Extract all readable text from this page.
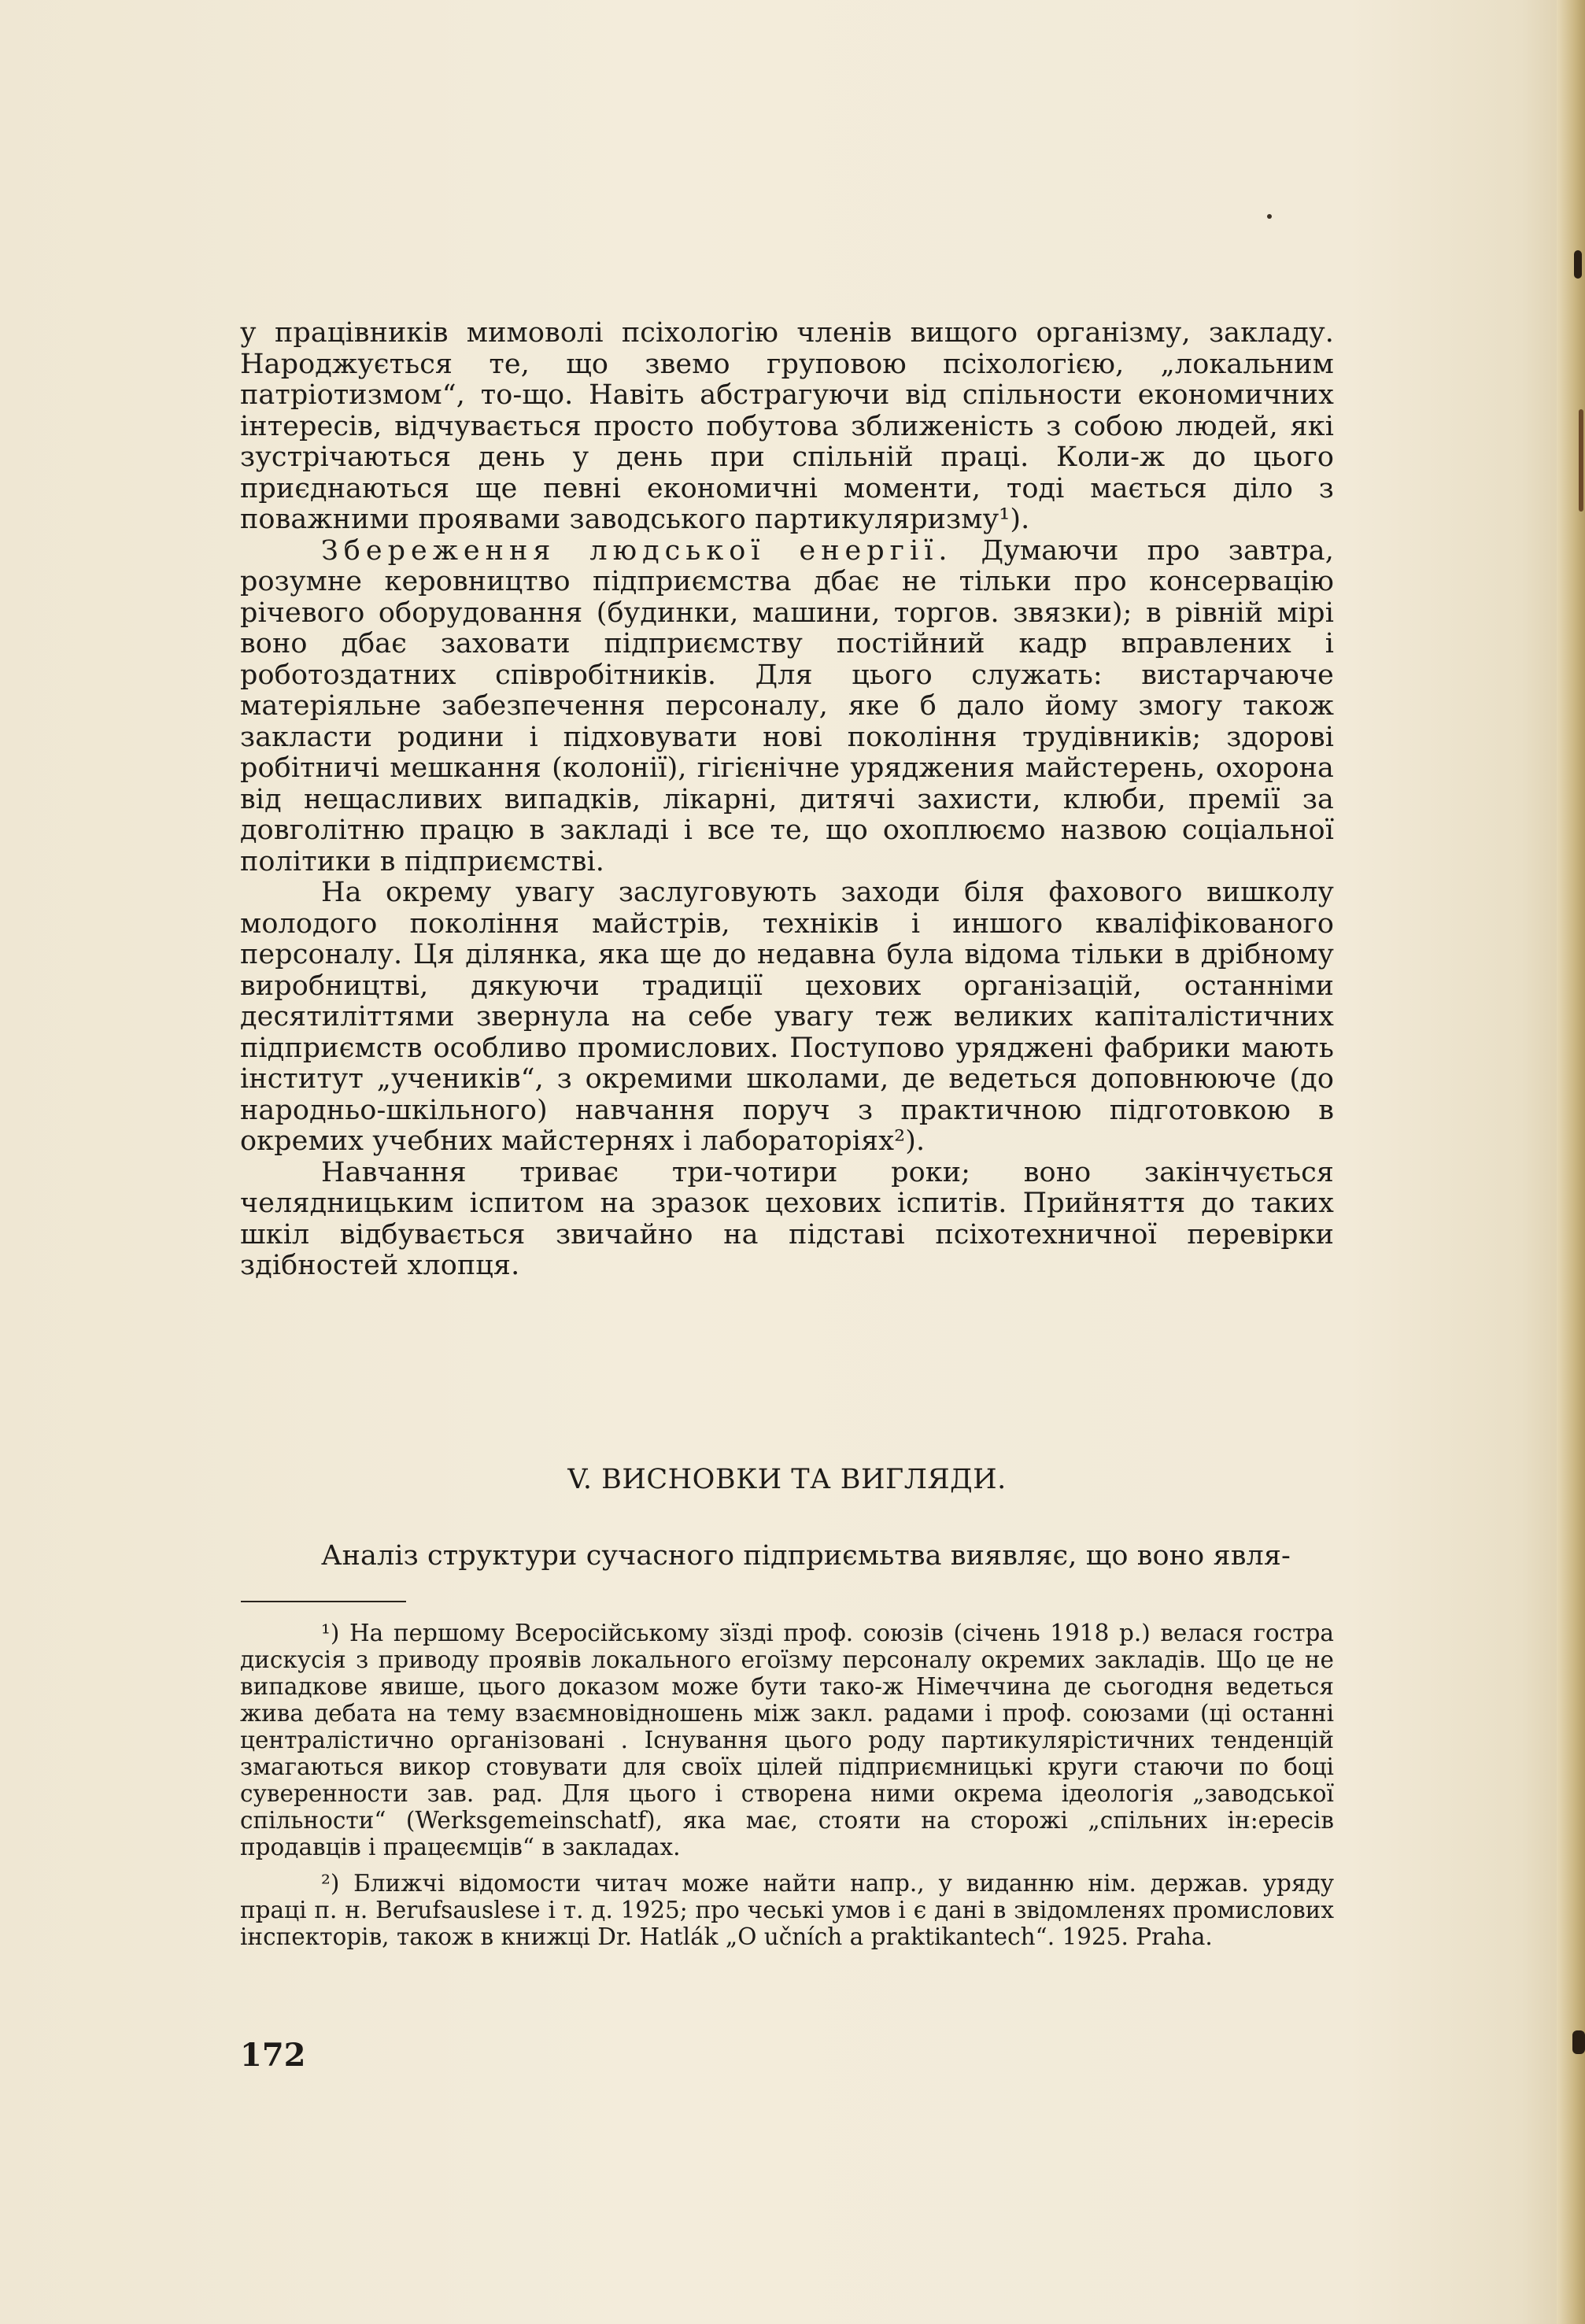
у працівників мимоволі псіхологію членів вищого організму, закладу. Народжується те, що звемо груповою псіхологією, „локальним патріотизмом“, то-що. Навіть абстрагуючи від спільности економичних інтересів, відчувається просто побутова зближеність з собою людей, які зустрічаються день у день при спільній праці. Коли-ж до цього приєднаються ще певні економичні моменти, тоді мається діло з поважними проявами заводського партикуляризму¹).

Збереження людської енергії. Думаючи про завтра, розумне керовництво підприємства дбає не тільки про консервацію річевого оборудовання (будинки, машини, торгов. звязки); в рівній мірі воно дбає заховати підприємству постійний кадр вправлених і роботоздатних співробітників. Для цього служать: вистарчаюче матеріяльне забезпечення персоналу, яке б дало йому змогу також закласти родини і підховувати нові покоління трудівників; здорові робітничі мешкання (колонії), гігієнічне уряджения майстерень, охорона від нещасливих випадків, лікарні, дитячі захисти, клюби, премії за довголітню працю в закладі і все те, що охоплюємо назвою соціальної політики в підприємстві.

На окрему увагу заслуговують заходи біля фахового вишколу молодого покоління майстрів, техніків і иншого кваліфікованого персоналу. Ця ділянка, яка ще до недавна була відома тільки в дрібному виробництві, дякуючи традиції цехових організацій, останніми десятиліттями звернула на себе увагу теж великих капіталістичних підприємств особливо промислових. Поступово уряджені фабрики мають інститут „учеників“, з окремими школами, де ведеться доповнююче (до народньо-шкільного) навчання поруч з практичною підготовкою в окремих учебних майстернях і лабораторіях²).

Навчання триває три-чотири роки; воно закінчується челядницьким іспитом на зразок цехових іспитів. Прийняття до таких шкіл відбувається звичайно на підставі псіхотехничної перевірки здібностей хлопця.

V. ВИСНОВКИ ТА ВИГЛЯДИ.

Аналіз структури сучасного підприємьтва виявляє, що воно явля-

¹) На першому Всеросійському зїзді проф. союзів (січень 1918 р.) велася гостра дискусія з приводу проявів локального егоїзму персоналу окремих закладів. Що це не випадкове явише, цього доказом може бути тако-ж Німеччина де сьогодня ведеться жива дебата на тему взаємновідношень між закл. радами і проф. союзами (ці останні централістично організовані . Існування цього роду партикулярістичних тенденцій змагаються викор стовувати для своїх цілей підприємницькі круги стаючи по боці суверенности зав. рад. Для цього і створена ними окрема ідеологія „заводської спільности“ (Werksgemeinschatf), яка має, стояти на сторожі „спільних ін:ересів продавців і працеємців“ в закладах.

²) Ближчі відомости читач може найти напр., у виданню нім. держав. уряду праці п. н. Berufsauslese і т. д. 1925; про чеські умов і є дані в звідомленях промислових інспекторів, також в книжці Dr. Hatlák „O učních a praktikantech“. 1925. Praha.

172
